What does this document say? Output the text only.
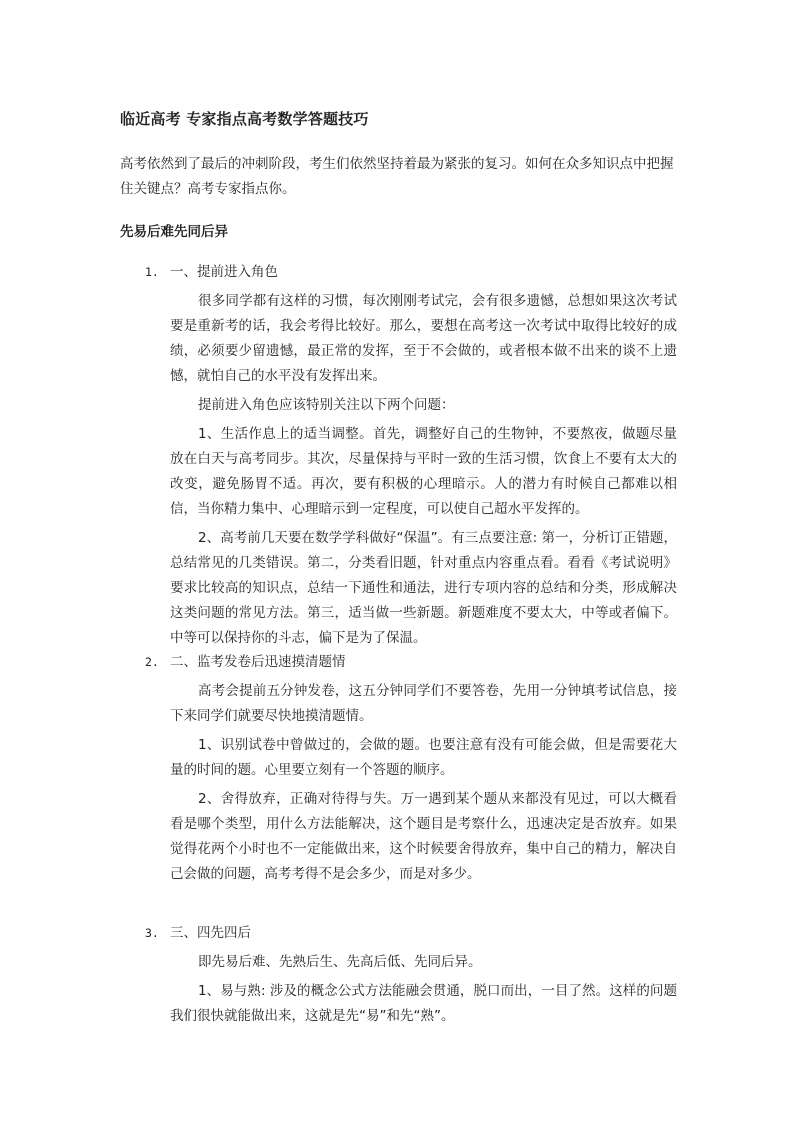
临近高考 专家指点高考数学答题技巧
高考依然到了最后的冲刺阶段，考生们依然坚持着最为紧张的复习。如何在众多知识点中把握住关键点？高考专家指点你。
先易后难先同后异
1. 一、提前进入角色

很多同学都有这样的习惯，每次刚刚考试完，会有很多遗憾，总想如果这次考试要是重新考的话，我会考得比较好。那么，要想在高考这一次考试中取得比较好的成绩，必须要少留遗憾，最正常的发挥，至于不会做的，或者根本做不出来的谈不上遗憾，就怕自己的水平没有发挥出来。

提前进入角色应该特别关注以下两个问题：

1、生活作息上的适当调整。首先，调整好自己的生物钟，不要熬夜，做题尽量放在白天与高考同步。其次，尽量保持与平时一致的生活习惯，饮食上不要有太大的改变，避免肠胃不适。再次，要有积极的心理暗示。人的潜力有时候自己都难以相信，当你精力集中、心理暗示到一定程度，可以使自己超水平发挥的。

2、高考前几天要在数学学科做好“保温”。有三点要注意: 第一，分析订正错题，总结常见的几类错误。第二，分类看旧题，针对重点内容重点看。看看《考试说明》要求比较高的知识点，总结一下通性和通法，进行专项内容的总结和分类，形成解决这类问题的常见方法。第三，适当做一些新题。新题难度不要太大，中等或者偏下。中等可以保持你的斗志，偏下是为了保温。

2. 二、监考发卷后迅速摸清题情

高考会提前五分钟发卷，这五分钟同学们不要答卷，先用一分钟填考试信息，接下来同学们就要尽快地摸清题情。

1、识别试卷中曾做过的，会做的题。也要注意有没有可能会做，但是需要花大量的时间的题。心里要立刻有一个答题的顺序。

2、舍得放弃，正确对待得与失。万一遇到某个题从来都没有见过，可以大概看看是哪个类型，用什么方法能解决，这个题目是考察什么，迅速决定是否放弃。如果觉得花两个小时也不一定能做出来，这个时候要舍得放弃，集中自己的精力，解决自己会做的问题，高考考得不是会多少，而是对多少。

3. 三、四先四后

即先易后难、先熟后生、先高后低、先同后异。

1、易与熟: 涉及的概念公式方法能融会贯通，脱口而出，一目了然。这样的问题我们很快就能做出来，这就是先“易”和先“熟”。
